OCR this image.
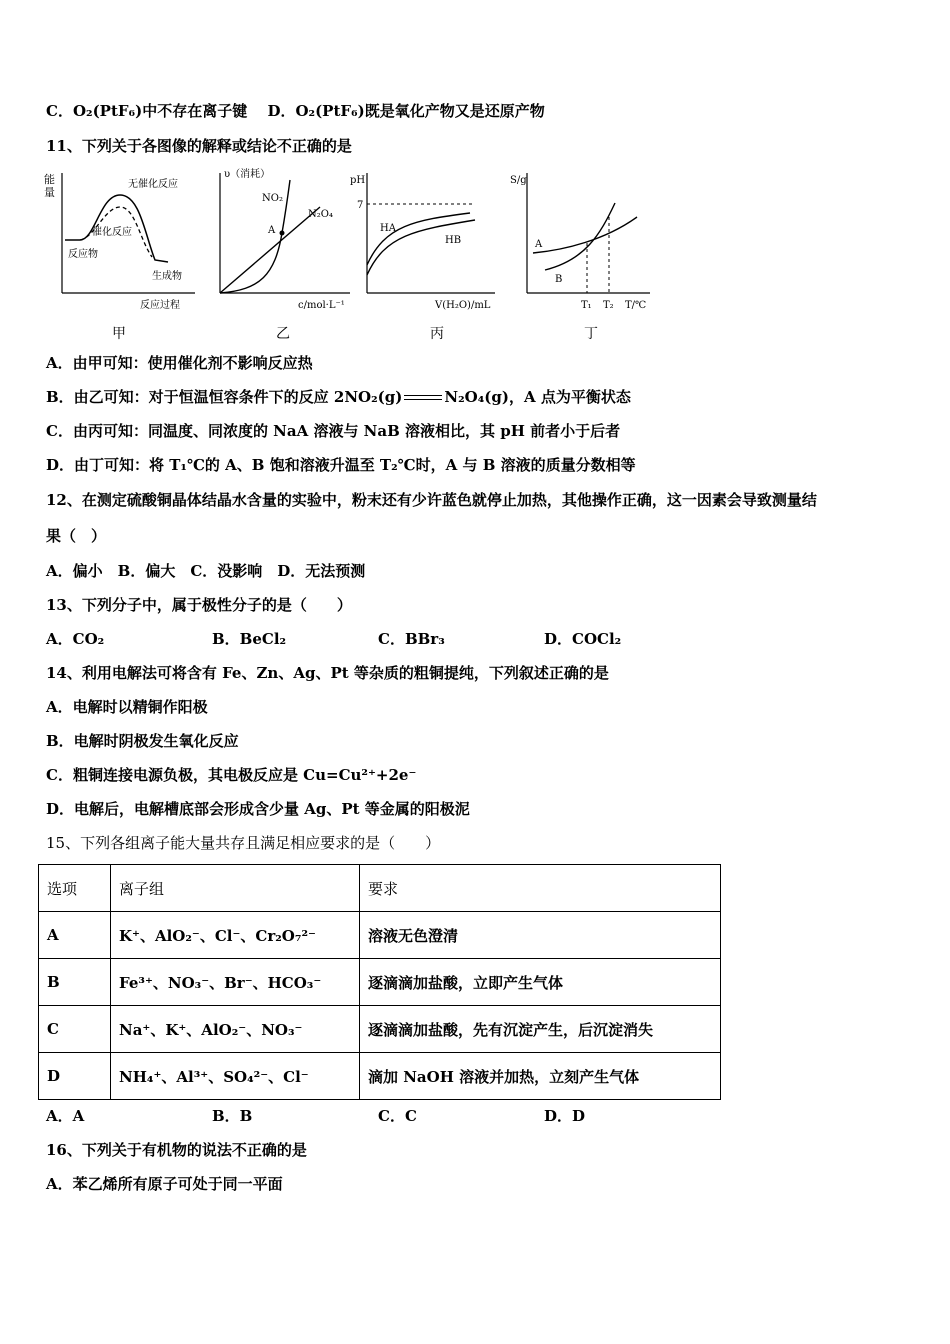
C．O₂(PtF₆)中不存在离子键　 D．O₂(PtF₆)既是氧化产物又是还原产物
11、下列关于各图像的解释或结论不正确的是
能
量
无催化反应
催化反应
反应物
生成物
反应过程
υ（消耗）
NO₂
N₂O₄
A
c/mol·L⁻¹
pH
7
HA
HB
V(H₂O)/mL
S/g
A
B
T₁ T₂ T/℃
甲	乙	丙	丁
A．由甲可知：使用催化剂不影响反应热
B．由乙可知：对于恒温恒容条件下的反应 2NO₂(g)	N₂O₄(g)，A 点为平衡状态
C．由丙可知：同温度、同浓度的 NaA 溶液与 NaB 溶液相比，其 pH 前者小于后者
D．由丁可知：将 T₁℃的 A、B 饱和溶液升温至 T₂℃时，A 与 B 溶液的质量分数相等
12、在测定硫酸铜晶体结晶水含量的实验中，粉末还有少许蓝色就停止加热，其他操作正确，这一因素会导致测量结
果（　）
A．偏小　B．偏大　C．没影响　D．无法预测
13、下列分子中，属于极性分子的是（　　）
A．CO₂	B．BeCl₂	C．BBr₃	D．COCl₂
14、利用电解法可将含有 Fe、Zn、Ag、Pt 等杂质的粗铜提纯，下列叙述正确的是
A．电解时以精铜作阳极
B．电解时阴极发生氧化反应
C．粗铜连接电源负极，其电极反应是 Cu=Cu²⁺+2e⁻
D．电解后，电解槽底部会形成含少量 Ag、Pt 等金属的阳极泥
15、下列各组离子能大量共存且满足相应要求的是（　　）
选项	离子组	要求
A	K⁺、AlO₂⁻、Cl⁻、Cr₂O₇²⁻	溶液无色澄清
B	Fe³⁺、NO₃⁻、Br⁻、HCO₃⁻	逐滴滴加盐酸，立即产生气体
C	Na⁺、K⁺、AlO₂⁻、NO₃⁻	逐滴滴加盐酸，先有沉淀产生，后沉淀消失
D	NH₄⁺、Al³⁺、SO₄²⁻、Cl⁻	滴加 NaOH 溶液并加热，立刻产生气体
A．A	B．B	C．C	D．D
16、下列关于有机物的说法不正确的是
A．苯乙烯所有原子可处于同一平面
